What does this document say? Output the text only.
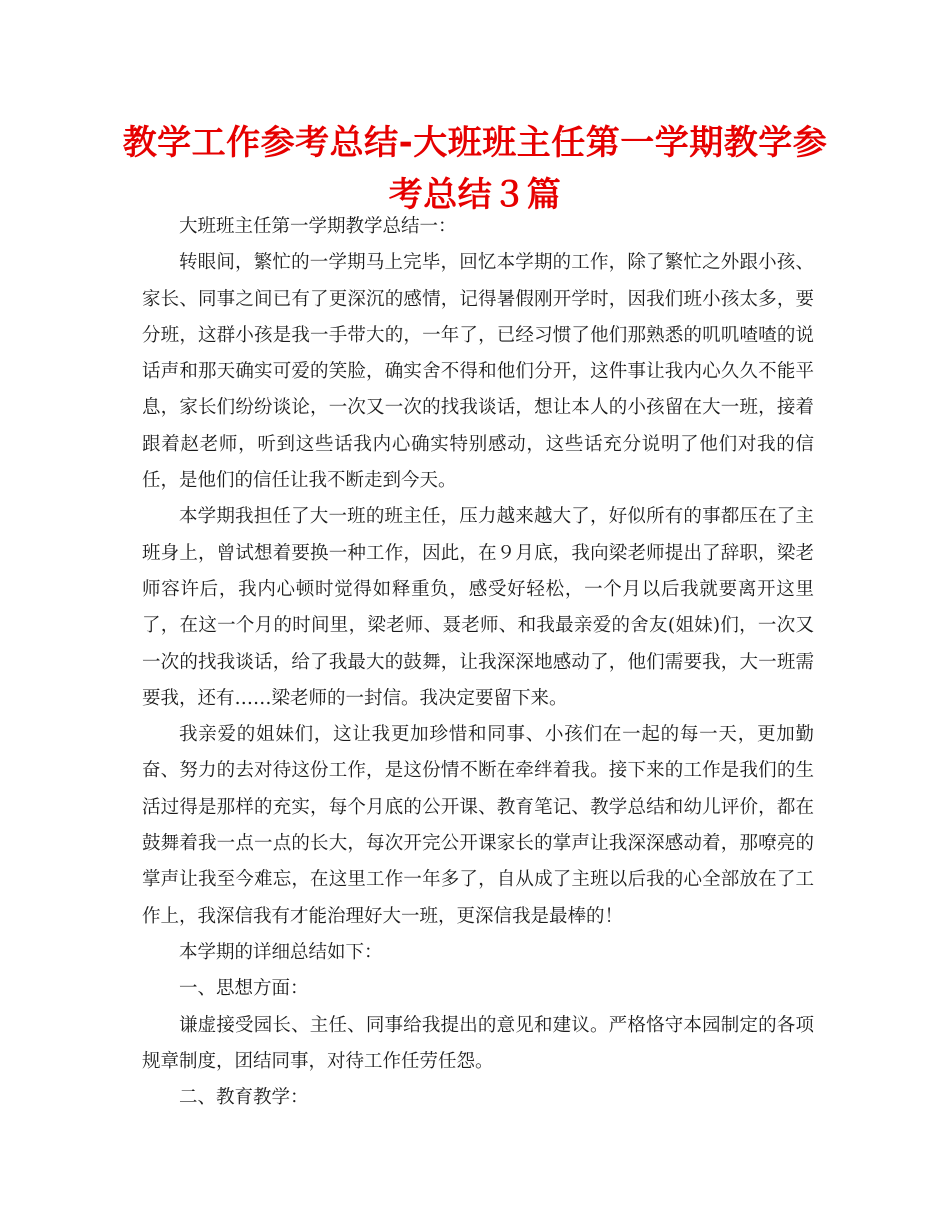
教学工作参考总结-大班班主任第一学期教学参考总结３篇

大班班主任第一学期教学总结一：

转眼间，繁忙的一学期马上完毕，回忆本学期的工作，除了繁忙之外跟小孩、家长、同事之间已有了更深沉的感情，记得暑假刚开学时，因我们班小孩太多，要分班，这群小孩是我一手带大的，一年了，已经习惯了他们那熟悉的叽叽喳喳的说话声和那天确实可爱的笑脸，确实舍不得和他们分开，这件事让我内心久久不能平息，家长们纷纷谈论，一次又一次的找我谈话，想让本人的小孩留在大一班，接着跟着赵老师，听到这些话我内心确实特别感动，这些话充分说明了他们对我的信任，是他们的信任让我不断走到今天。

本学期我担任了大一班的班主任，压力越来越大了，好似所有的事都压在了主班身上，曾试想着要换一种工作，因此，在９月底，我向梁老师提出了辞职，梁老师容许后，我内心顿时觉得如释重负，感受好轻松，一个月以后我就要离开这里了，在这一个月的时间里，梁老师、聂老师、和我最亲爱的舍友(姐妹)们，一次又一次的找我谈话，给了我最大的鼓舞，让我深深地感动了，他们需要我，大一班需要我，还有……梁老师的一封信。我决定要留下来。

我亲爱的姐妹们，这让我更加珍惜和同事、小孩们在一起的每一天，更加勤奋、努力的去对待这份工作，是这份情不断在牵绊着我。接下来的工作是我们的生活过得是那样的充实，每个月底的公开课、教育笔记、教学总结和幼儿评价，都在鼓舞着我一点一点的长大，每次开完公开课家长的掌声让我深深感动着，那嘹亮的掌声让我至今难忘，在这里工作一年多了，自从成了主班以后我的心全部放在了工作上，我深信我有才能治理好大一班，更深信我是最棒的！

本学期的详细总结如下：

一、思想方面：

谦虚接受园长、主任、同事给我提出的意见和建议。严格恪守本园制定的各项规章制度，团结同事，对待工作任劳任怨。

二、教育教学：
